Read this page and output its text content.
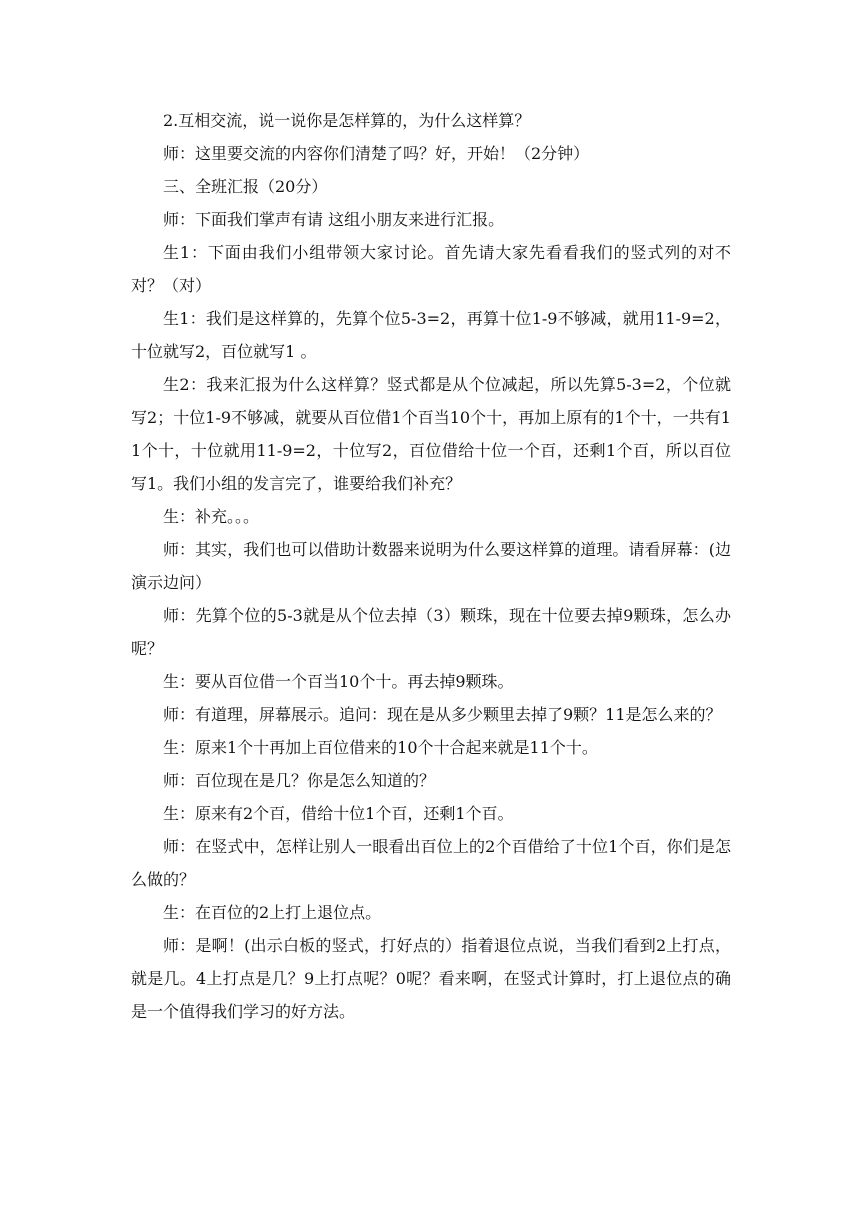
2.互相交流，说一说你是怎样算的，为什么这样算？

师：这里要交流的内容你们清楚了吗？好，开始！（2分钟）

三、全班汇报（20分）

师：下面我们掌声有请 这组小朋友来进行汇报。

生1：下面由我们小组带领大家讨论。首先请大家先看看我们的竖式列的对不对？（对）

生1：我们是这样算的，先算个位5-3=2，再算十位1-9不够减，就用11-9=2，十位就写2，百位就写1 。

生2：我来汇报为什么这样算？竖式都是从个位减起，所以先算5-3=2，个位就写2；十位1-9不够减，就要从百位借1个百当10个十，再加上原有的1个十，一共有11个十，十位就用11-9=2，十位写2，百位借给十位一个百，还剩1个百，所以百位写1。我们小组的发言完了，谁要给我们补充？

生：补充。。。

师：其实，我们也可以借助计数器来说明为什么要这样算的道理。请看屏幕：(边演示边问）

师：先算个位的5-3就是从个位去掉（3）颗珠，现在十位要去掉9颗珠，怎么办呢？

生：要从百位借一个百当10个十。再去掉9颗珠。

师：有道理，屏幕展示。追问：现在是从多少颗里去掉了9颗？11是怎么来的？

生：原来1个十再加上百位借来的10个十合起来就是11个十。

师：百位现在是几？你是怎么知道的？

生：原来有2个百，借给十位1个百，还剩1个百。

师：在竖式中，怎样让别人一眼看出百位上的2个百借给了十位1个百，你们是怎么做的？

生：在百位的2上打上退位点。

师：是啊！(出示白板的竖式，打好点的）指着退位点说，当我们看到2上打点，就是几。4上打点是几？9上打点呢？0呢？看来啊，在竖式计算时，打上退位点的确是一个值得我们学习的好方法。
